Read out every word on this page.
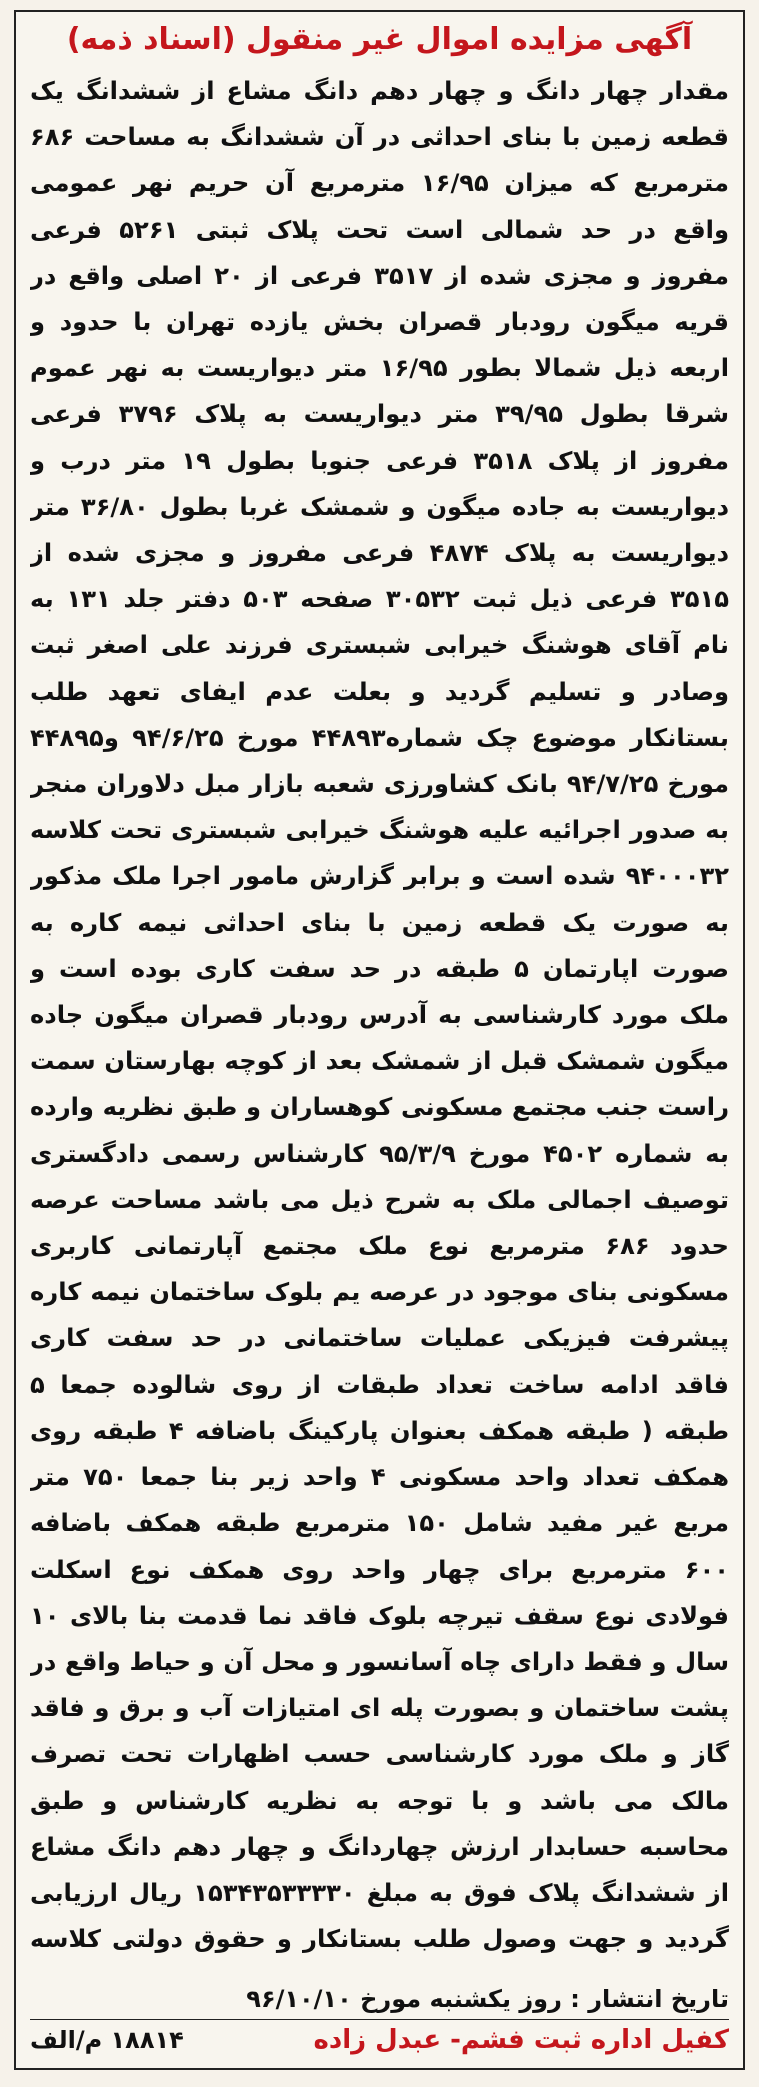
آگهی مزایده اموال غیر منقول (اسناد ذمه)
مقدار چهار دانگ و چهار دهم دانگ مشاع از ششدانگ یک قطعه زمین با بنای احداثی در آن ششدانگ به مساحت ۶۸۶ مترمربع که میزان ۱۶/۹۵ مترمربع آن حریم نهر عمومی واقع در حد شمالی است تحت پلاک ثبتی ۵۲۶۱ فرعی مفروز و مجزی شده از ۳۵۱۷ فرعی از ۲۰ اصلی واقع در قریه میگون رودبار قصران بخش یازده تهران با حدود و اربعه ذیل شمالا بطور ۱۶/۹۵ متر دیواریست به نهر عموم شرقا بطول ۳۹/۹۵ متر دیواریست به پلاک ۳۷۹۶ فرعی مفروز از پلاک ۳۵۱۸ فرعی جنوبا بطول ۱۹ متر درب و دیواریست به جاده میگون و شمشک غربا بطول ۳۶/۸۰ متر دیواریست به پلاک ۴۸۷۴ فرعی مفروز و مجزی شده از ۳۵۱۵ فرعی ذیل ثبت ۳۰۵۳۲ صفحه ۵۰۳ دفتر جلد ۱۳۱ به نام آقای هوشنگ خیرابی شبستری فرزند علی اصغر ثبت وصادر و تسلیم گردید و بعلت عدم ایفای تعهد طلب بستانکار موضوع چک شماره۴۴۸۹۳ مورخ ۹۴/۶/۲۵ و۴۴۸۹۵ مورخ ۹۴/۷/۲۵ بانک کشاورزی شعبه بازار مبل دلاوران منجر به صدور اجرائیه علیه هوشنگ خیرابی شبستری تحت کلاسه ۹۴۰۰۰۳۲ شده است و برابر گزارش مامور اجرا ملک مذکور به صورت یک قطعه زمین با بنای احداثی نیمه کاره به صورت اپارتمان ۵ طبقه در حد سفت کاری بوده است و ملک مورد کارشناسی به آدرس رودبار قصران میگون جاده میگون شمشک قبل از شمشک بعد از کوچه بهارستان سمت راست جنب مجتمع مسکونی کوهساران و طبق نظریه وارده به شماره ۴۵۰۲ مورخ ۹۵/۳/۹ کارشناس رسمی دادگستری توصیف اجمالی ملک به شرح ذیل می باشد مساحت عرصه حدود ۶۸۶ مترمربع نوع ملک مجتمع آپارتمانی کاربری مسکونی بنای موجود در عرصه یم بلوک ساختمان نیمه کاره پیشرفت فیزیکی عملیات ساختمانی در حد سفت کاری فاقد ادامه ساخت تعداد طبقات از روی شالوده جمعا ۵ طبقه ( طبقه همکف بعنوان پارکینگ باضافه ۴ طبقه روی همکف تعداد واحد مسکونی ۴ واحد زیر بنا جمعا ۷۵۰ متر مربع غیر مفید شامل ۱۵۰ مترمربع طبقه همکف باضافه ۶۰۰ مترمربع برای چهار واحد روی همکف نوع اسکلت فولادی نوع سقف تیرچه بلوک فاقد نما قدمت بنا بالای ۱۰ سال و فقط دارای چاه آسانسور و محل آن و حیاط واقع در پشت ساختمان و بصورت پله ای امتیازات آب و برق و فاقد گاز و ملک مورد کارشناسی حسب اظهارات تحت تصرف مالک می باشد و با توجه به نظریه کارشناس و طبق محاسبه حسابدار ارزش چهاردانگ و چهار دهم دانگ مشاع از ششدانگ پلاک فوق به مبلغ ۱۵۳۴۳۵۳۳۳۳۰ ریال ارزیابی گردید و جهت وصول طلب بستانکار و حقوق دولتی کلاسه
تاریخ انتشار : روز یکشنبه مورخ ۹۶/۱۰/۱۰
کفیل اداره ثبت فشم- عبدل زاده
۱۸۸۱۴ م/الف
